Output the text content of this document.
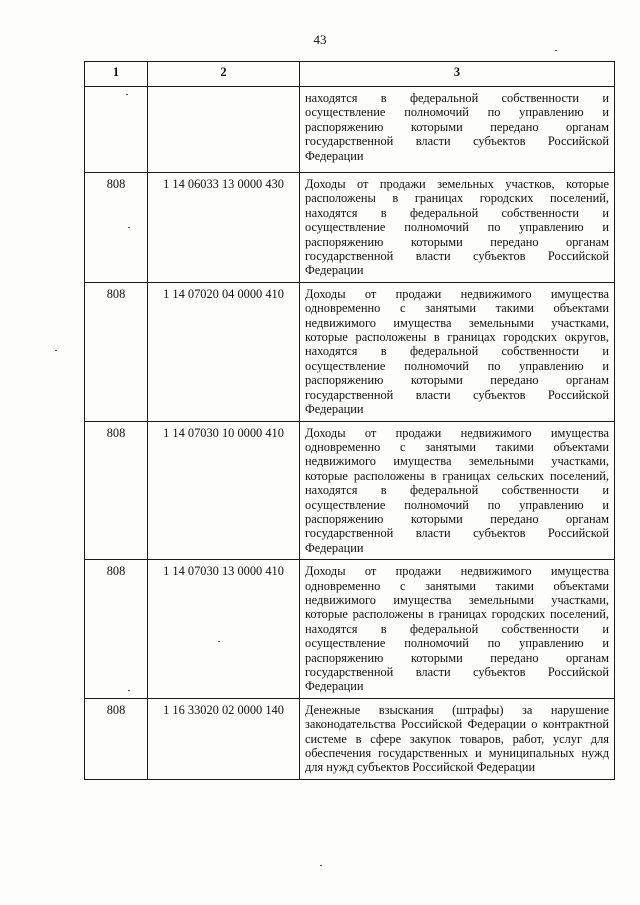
43
1	2	3
		находятся в федеральной собственности и осуществление полномочий по управлению и распоряжению которыми передано органам государственной власти субъектов Российской Федерации
808	1 14 06033 13 0000 430	Доходы от продажи земельных участков, которые расположены в границах городских поселений, находятся в федеральной собственности и осуществление полномочий по управлению и распоряжению которыми передано органам государственной власти субъектов Российской Федерации
808	1 14 07020 04 0000 410	Доходы от продажи недвижимого имущества одновременно с занятыми такими объектами недвижимого имущества земельными участками, которые расположены в границах городских округов, находятся в федеральной собственности и осуществление полномочий по управлению и распоряжению которыми передано органам государственной власти субъектов Российской Федерации
808	1 14 07030 10 0000 410	Доходы от продажи недвижимого имущества одновременно с занятыми такими объектами недвижимого имущества земельными участками, которые расположены в границах сельских поселений, находятся в федеральной собственности и осуществление полномочий по управлению и распоряжению которыми передано органам государственной власти субъектов Российской Федерации
808	1 14 07030 13 0000 410	Доходы от продажи недвижимого имущества одновременно с занятыми такими объектами недвижимого имущества земельными участками, которые расположены в границах городских поселений, находятся в федеральной собственности и осуществление полномочий по управлению и распоряжению которыми передано органам государственной власти субъектов Российской Федерации
808	1 16 33020 02 0000 140	Денежные взыскания (штрафы) за нарушение законодательства Российской Федерации о контрактной системе в сфере закупок товаров, работ, услуг для обеспечения государственных и муниципальных нужд для нужд субъектов Российской Федерации
